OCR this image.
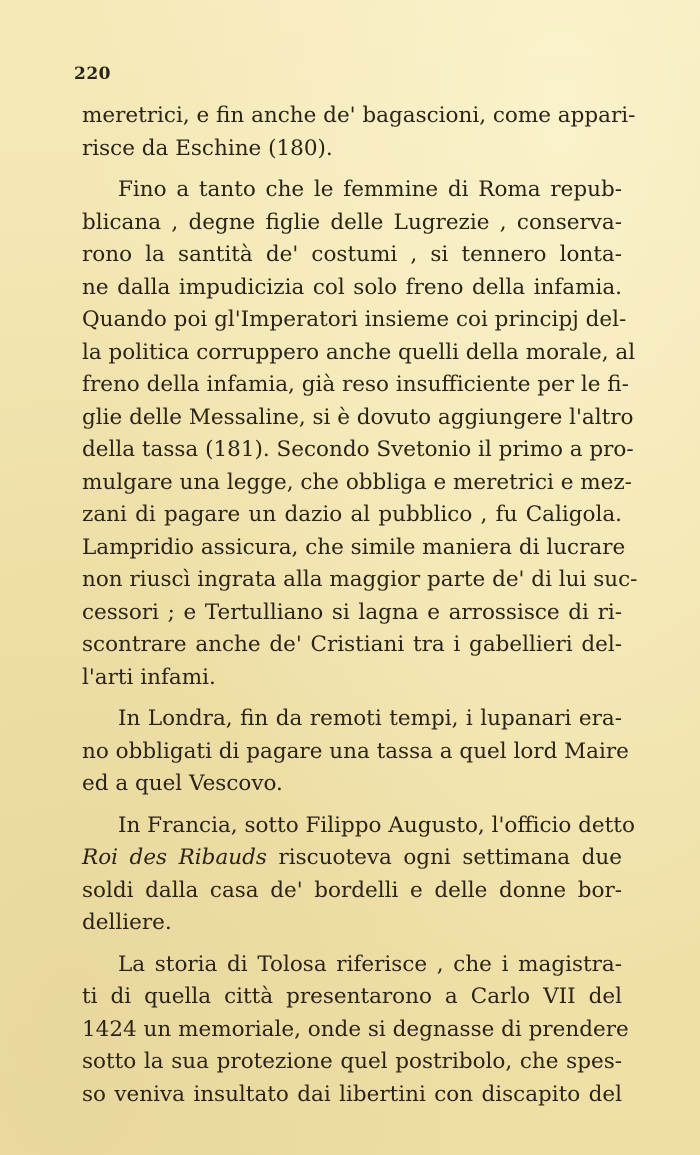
220
meretrici, e fin anche de' bagascioni, come appari-
risce da Eschine (180).
Fino a tanto che le femmine di Roma repub-
blicana , degne figlie delle Lugrezie , conserva-
rono la santità de' costumi , si tennero lonta-
ne dalla impudicizia col solo freno della infamia.
Quando poi gl'Imperatori insieme coi principj del-
la politica corruppero anche quelli della morale, al
freno della infamia, già reso insufficiente per le fi-
glie delle Messaline, si è dovuto aggiungere l'altro
della tassa (181). Secondo Svetonio il primo a pro-
mulgare una legge, che obbliga e meretrici e mez-
zani di pagare un dazio al pubblico , fu Caligola.
Lampridio assicura, che simile maniera di lucrare
non riuscì ingrata alla maggior parte de' di lui suc-
cessori ; e Tertulliano si lagna e arrossisce di ri-
scontrare anche de' Cristiani tra i gabellieri del-
l'arti infami.
In Londra, fin da remoti tempi, i lupanari era-
no obbligati di pagare una tassa a quel lord Maire
ed a quel Vescovo.
In Francia, sotto Filippo Augusto, l'officio detto
Roi des Ribauds riscuoteva ogni settimana due
soldi dalla casa de' bordelli e delle donne bor-
delliere.
La storia di Tolosa riferisce , che i magistra-
ti di quella città presentarono a Carlo VII del
1424 un memoriale, onde si degnasse di prendere
sotto la sua protezione quel postribolo, che spes-
so veniva insultato dai libertini con discapito del
